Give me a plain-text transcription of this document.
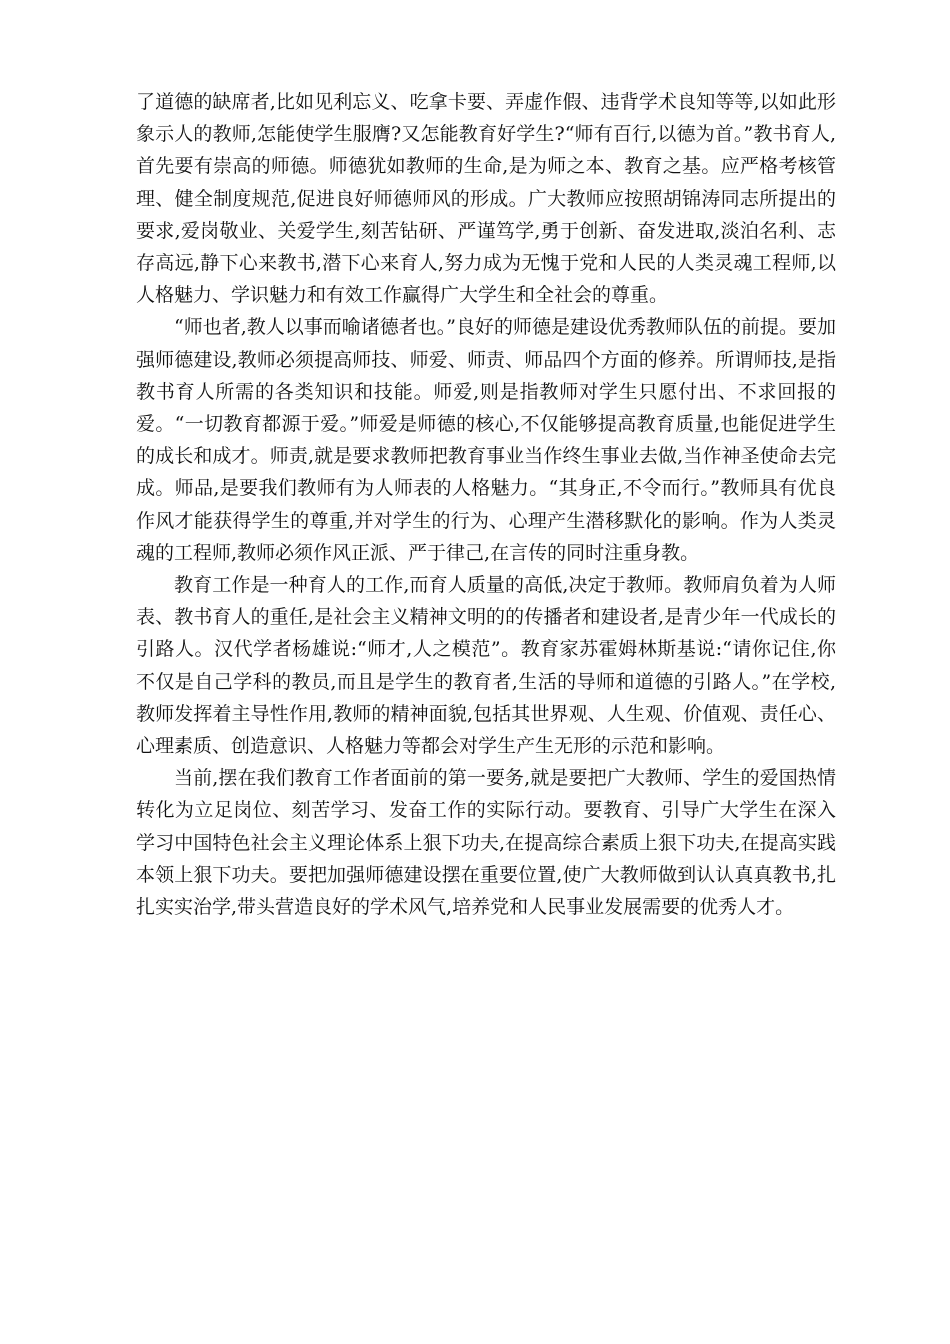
了道德的缺席者,比如见利忘义、吃拿卡要、弄虚作假、违背学术良知等等,以如此形象示人的教师,怎能使学生服膺?又怎能教育好学生?“师有百行,以德为首。”教书育人,首先要有崇高的师德。师德犹如教师的生命,是为师之本、教育之基。应严格考核管理、健全制度规范,促进良好师德师风的形成。广大教师应按照胡锦涛同志所提出的要求,爱岗敬业、关爱学生,刻苦钻研、严谨笃学,勇于创新、奋发进取,淡泊名利、志存高远,静下心来教书,潜下心来育人,努力成为无愧于党和人民的人类灵魂工程师,以人格魅力、学识魅力和有效工作赢得广大学生和全社会的尊重。

“师也者,教人以事而喻诸德者也。”良好的师德是建设优秀教师队伍的前提。要加强师德建设,教师必须提高师技、师爱、师责、师品四个方面的修养。所谓师技,是指教书育人所需的各类知识和技能。师爱,则是指教师对学生只愿付出、不求回报的爱。“一切教育都源于爱。”师爱是师德的核心,不仅能够提高教育质量,也能促进学生的成长和成才。师责,就是要求教师把教育事业当作终生事业去做,当作神圣使命去完成。师品,是要我们教师有为人师表的人格魅力。“其身正,不令而行。”教师具有优良作风才能获得学生的尊重,并对学生的行为、心理产生潜移默化的影响。作为人类灵魂的工程师,教师必须作风正派、严于律己,在言传的同时注重身教。

教育工作是一种育人的工作,而育人质量的高低,决定于教师。教师肩负着为人师表、教书育人的重任,是社会主义精神文明的的传播者和建设者,是青少年一代成长的引路人。汉代学者杨雄说:“师才,人之模范”。教育家苏霍姆林斯基说:“请你记住,你不仅是自己学科的教员,而且是学生的教育者,生活的导师和道德的引路人。”在学校,教师发挥着主导性作用,教师的精神面貌,包括其世界观、人生观、价值观、责任心、心理素质、创造意识、人格魅力等都会对学生产生无形的示范和影响。

当前,摆在我们教育工作者面前的第一要务,就是要把广大教师、学生的爱国热情转化为立足岗位、刻苦学习、发奋工作的实际行动。要教育、引导广大学生在深入学习中国特色社会主义理论体系上狠下功夫,在提高综合素质上狠下功夫,在提高实践本领上狠下功夫。要把加强师德建设摆在重要位置,使广大教师做到认认真真教书,扎扎实实治学,带头营造良好的学术风气,培养党和人民事业发展需要的优秀人才。
